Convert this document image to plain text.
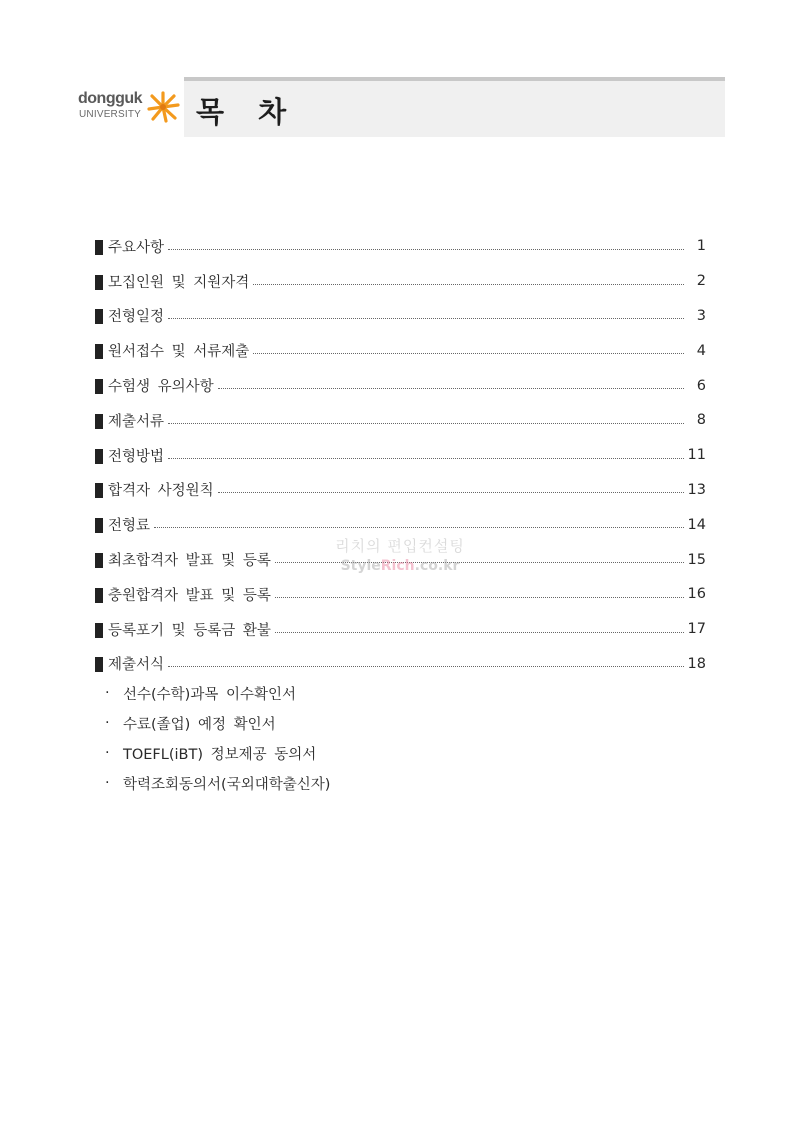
dongguk
UNIVERSITY 목 차
주요사항	1
모집인원 및 지원자격	2
전형일정	3
원서접수 및 서류제출	4
수험생 유의사항	6
제출서류	8
전형방법	11
합격자 사정원칙	13
전형료	14
최초합격자 발표 및 등록	15
충원합격자 발표 및 등록	16
등록포기 및 등록금 환불	17
제출서식	18
· 선수(수학)과목 이수확인서
· 수료(졸업) 예정 확인서
· TOEFL(iBT) 정보제공 동의서
· 학력조회동의서(국외대학출신자)
리치의 편입컨설팅
StyleRich.co.kr
